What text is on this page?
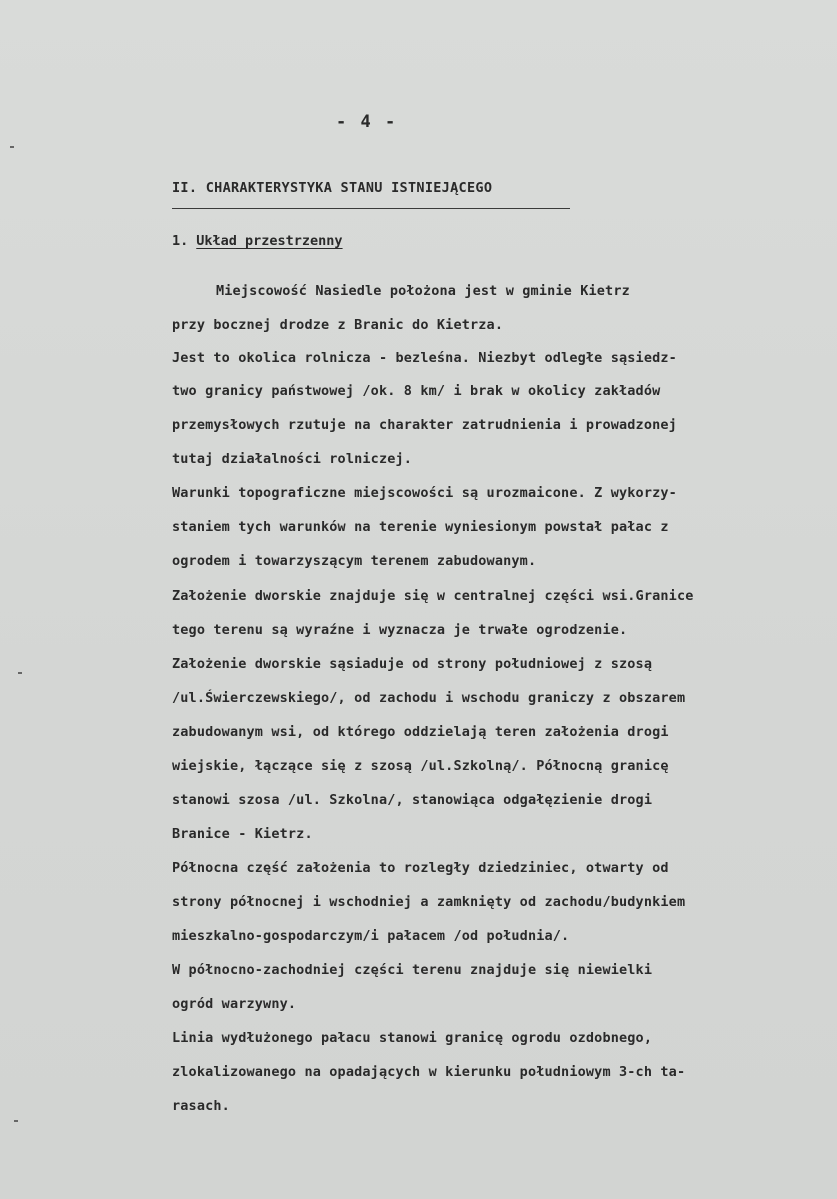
- 4 -
II. CHARAKTERYSTYKA STANU ISTNIEJĄCEGO
1. Układ przestrzenny
Miejscowość Nasiedle położona jest w gminie Kietrz
przy bocznej drodze z Branic do Kietrza.
Jest to okolica rolnicza - bezleśna. Niezbyt odległe sąsiedz-
two granicy państwowej /ok. 8 km/ i brak w okolicy zakładów
przemysłowych rzutuje na charakter zatrudnienia i prowadzonej
tutaj działalności rolniczej.
Warunki topograficzne miejscowości są urozmaicone. Z wykorzy-
staniem tych warunków na terenie wyniesionym powstał pałac z
ogrodem i towarzyszącym terenem zabudowanym.
Założenie dworskie znajduje się w centralnej części wsi.Granice
tego terenu są wyraźne i wyznacza je trwałe ogrodzenie.
Założenie dworskie sąsiaduje od strony południowej z szosą
/ul.Świerczewskiego/, od zachodu i wschodu graniczy z obszarem
zabudowanym wsi, od którego oddzielają teren założenia drogi
wiejskie, łączące się z szosą /ul.Szkolną/. Północną granicę
stanowi szosa /ul. Szkolna/, stanowiąca odgałęzienie drogi
Branice - Kietrz.
Północna część założenia to rozległy dziedziniec, otwarty od
strony północnej i wschodniej a zamknięty od zachodu/budynkiem
mieszkalno-gospodarczym/i pałacem /od południa/.
W północno-zachodniej części terenu znajduje się niewielki
ogród warzywny.
Linia wydłużonego pałacu stanowi granicę ogrodu ozdobnego,
zlokalizowanego na opadających w kierunku południowym 3-ch ta-
rasach.
